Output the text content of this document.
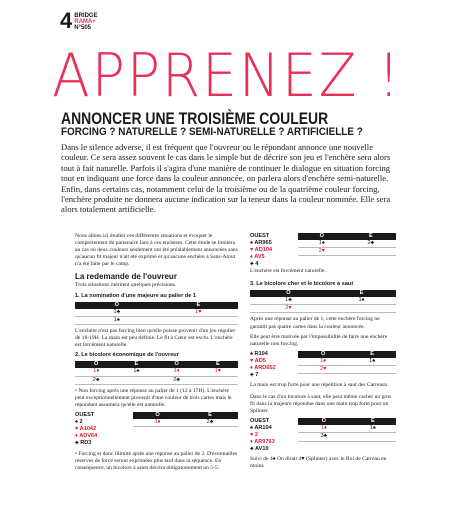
4 BRIDGE
RAMA+
N°505
APPRENEZ !
ANNONCER UNE TROISIÈME COULEUR
FORCING ? NATURELLE ? SEMI-NATURELLE ? ARTIFICIELLE ?
Dans le silence adverse, il est fréquent que l'ouvreur ou le répondant annonce une nouvelle couleur. Ce sera assez souvent le cas dans le simple but de décrire son jeu et l'enchère sera alors tout à fait naturelle. Parfois il s'agira d'une manière de continuer le dialogue en situation forcing tout en indiquant une force dans la couleur annoncée, on parlera alors d'enchère semi-naturelle. Enfin, dans certains cas, notamment celui de la troisième ou de la quatrième couleur forcing, l'enchère produite ne donnera aucune indication sur la teneur dans la couleur nommée. Elle sera alors totalement artificielle.

Nous allons ici étudier ces différentes situations et évoquer le comportement du partenaire face à ces enchères. Cette étude se limitera au cas où deux couleurs seulement ont été préalablement annoncées sans qu'aucun fit majeur n'ait été exprimé et qu'aucune enchère à Sans-Atout n'a été faite par le camp.

La redemande de l'ouvreur

Trois situations méritent quelques précisions.

1. La nomination d'une majeure au palier de 1
O	E
1♣	1♥
1♠	

L'enchère n'est pas forcing bien qu'elle puisse provenir d'un jeu régulier de 18-19H. La main est peu définie. Le fit à Cœur est exclu. L'enchère est forcément naturelle.

2. Le bicolore économique de l'ouvreur
O	E	O	E
1♦	1♠	1♦	1♥
2♣		2♣	

• Non forcing après une réponse au palier de 1 (12 à 17H). L'enchère peut exceptionnellement provenir d'une couleur de trois cartes mais le répondant assumera qu'elle est naturelle.

OUEST
♠ 2
♥ A1042
♦ ADV64
♣ RD3
O	E
1♦	2♣

• Forcing et donc illimité après une réponse au palier de 2. D'éventuelles réserves de force seront exprimées plus tard dans la séquence. En conséquence, un bicolore à sauts décrira obligatoirement un 5-5.

OUEST
♠ AR965
♥ AD104
♦ AV5
♣ 4
O	E
1♠	2♣
2♥	

L'enchère est forcément naturelle.

3. Le bicolore cher et le bicolore à saut
O	E
1♣	1♠
2♥	

Après une réponse au palier de 1, cette enchère forcing ne garantit pas quatre cartes dans la couleur annoncée.

Elle peut être motivée par l'impossibilité de faire une enchère naturelle non forcing.

♠ R104
♥ AD5
♦ ARD652
♣ 7
O	E
1♦	1♠
2♥	

La main est trop forte pour une répétition à saut des Carreaux.

Dans le cas d'un bicolore à saut, elle peut même cacher un gros fit dans la majeure répondue dans une main trop forte pour un Splinter.

OUEST
♠ AR104
♥ 2
♦ AR9763
♣ AV10
O	E
1♦	1♠
3♣	

Suivi de 4♠ On dirait 4♥ (Splinter) avec le Roi de Carreau en moins
